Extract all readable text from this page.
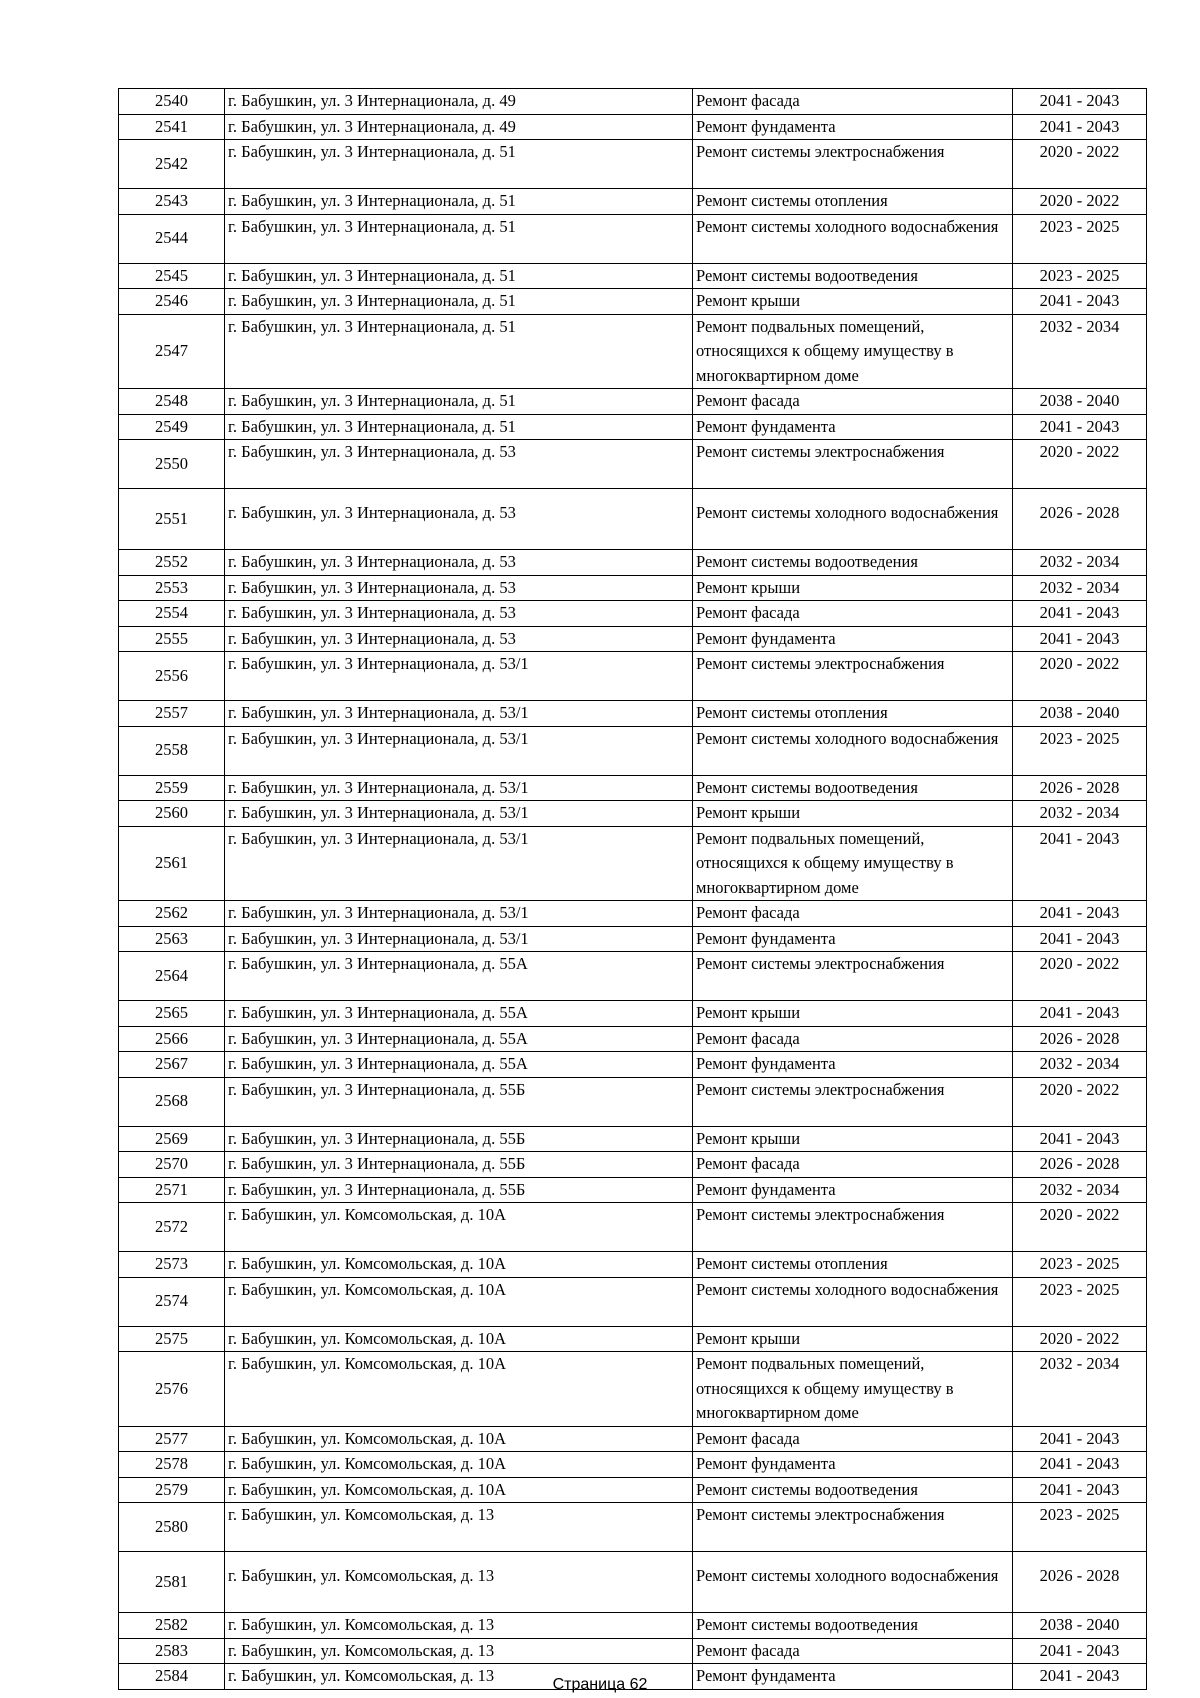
2540	г. Бабушкин, ул. 3 Интернационала, д. 49	Ремонт фасада	2041 - 2043
2541	г. Бабушкин, ул. 3 Интернационала, д. 49	Ремонт фундамента	2041 - 2043
2542	г. Бабушкин, ул. 3 Интернационала, д. 51	Ремонт системы электроснабжения	2020 - 2022
2543	г. Бабушкин, ул. 3 Интернационала, д. 51	Ремонт системы отопления	2020 - 2022
2544	г. Бабушкин, ул. 3 Интернационала, д. 51	Ремонт системы холодного водоснабжения	2023 - 2025
2545	г. Бабушкин, ул. 3 Интернационала, д. 51	Ремонт системы водоотведения	2023 - 2025
2546	г. Бабушкин, ул. 3 Интернационала, д. 51	Ремонт крыши	2041 - 2043
2547	г. Бабушкин, ул. 3 Интернационала, д. 51	Ремонт подвальных помещений, относящихся к общему имуществу в многоквартирном доме	2032 - 2034
2548	г. Бабушкин, ул. 3 Интернационала, д. 51	Ремонт фасада	2038 - 2040
2549	г. Бабушкин, ул. 3 Интернационала, д. 51	Ремонт фундамента	2041 - 2043
2550	г. Бабушкин, ул. 3 Интернационала, д. 53	Ремонт системы электроснабжения	2020 - 2022
2551	г. Бабушкин, ул. 3 Интернационала, д. 53	Ремонт системы холодного водоснабжения	2026 - 2028
2552	г. Бабушкин, ул. 3 Интернационала, д. 53	Ремонт системы водоотведения	2032 - 2034
2553	г. Бабушкин, ул. 3 Интернационала, д. 53	Ремонт крыши	2032 - 2034
2554	г. Бабушкин, ул. 3 Интернационала, д. 53	Ремонт фасада	2041 - 2043
2555	г. Бабушкин, ул. 3 Интернационала, д. 53	Ремонт фундамента	2041 - 2043
2556	г. Бабушкин, ул. 3 Интернационала, д. 53/1	Ремонт системы электроснабжения	2020 - 2022
2557	г. Бабушкин, ул. 3 Интернационала, д. 53/1	Ремонт системы отопления	2038 - 2040
2558	г. Бабушкин, ул. 3 Интернационала, д. 53/1	Ремонт системы холодного водоснабжения	2023 - 2025
2559	г. Бабушкин, ул. 3 Интернационала, д. 53/1	Ремонт системы водоотведения	2026 - 2028
2560	г. Бабушкин, ул. 3 Интернационала, д. 53/1	Ремонт крыши	2032 - 2034
2561	г. Бабушкин, ул. 3 Интернационала, д. 53/1	Ремонт подвальных помещений, относящихся к общему имуществу в многоквартирном доме	2041 - 2043
2562	г. Бабушкин, ул. 3 Интернационала, д. 53/1	Ремонт фасада	2041 - 2043
2563	г. Бабушкин, ул. 3 Интернационала, д. 53/1	Ремонт фундамента	2041 - 2043
2564	г. Бабушкин, ул. 3 Интернационала, д. 55А	Ремонт системы электроснабжения	2020 - 2022
2565	г. Бабушкин, ул. 3 Интернационала, д. 55А	Ремонт крыши	2041 - 2043
2566	г. Бабушкин, ул. 3 Интернационала, д. 55А	Ремонт фасада	2026 - 2028
2567	г. Бабушкин, ул. 3 Интернационала, д. 55А	Ремонт фундамента	2032 - 2034
2568	г. Бабушкин, ул. 3 Интернационала, д. 55Б	Ремонт системы электроснабжения	2020 - 2022
2569	г. Бабушкин, ул. 3 Интернационала, д. 55Б	Ремонт крыши	2041 - 2043
2570	г. Бабушкин, ул. 3 Интернационала, д. 55Б	Ремонт фасада	2026 - 2028
2571	г. Бабушкин, ул. 3 Интернационала, д. 55Б	Ремонт фундамента	2032 - 2034
2572	г. Бабушкин, ул. Комсомольская, д. 10А	Ремонт системы электроснабжения	2020 - 2022
2573	г. Бабушкин, ул. Комсомольская, д. 10А	Ремонт системы отопления	2023 - 2025
2574	г. Бабушкин, ул. Комсомольская, д. 10А	Ремонт системы холодного водоснабжения	2023 - 2025
2575	г. Бабушкин, ул. Комсомольская, д. 10А	Ремонт крыши	2020 - 2022
2576	г. Бабушкин, ул. Комсомольская, д. 10А	Ремонт подвальных помещений, относящихся к общему имуществу в многоквартирном доме	2032 - 2034
2577	г. Бабушкин, ул. Комсомольская, д. 10А	Ремонт фасада	2041 - 2043
2578	г. Бабушкин, ул. Комсомольская, д. 10А	Ремонт фундамента	2041 - 2043
2579	г. Бабушкин, ул. Комсомольская, д. 10А	Ремонт системы водоотведения	2041 - 2043
2580	г. Бабушкин, ул. Комсомольская, д. 13	Ремонт системы электроснабжения	2023 - 2025
2581	г. Бабушкин, ул. Комсомольская, д. 13	Ремонт системы холодного водоснабжения	2026 - 2028
2582	г. Бабушкин, ул. Комсомольская, д. 13	Ремонт системы водоотведения	2038 - 2040
2583	г. Бабушкин, ул. Комсомольская, д. 13	Ремонт фасада	2041 - 2043
2584	г. Бабушкин, ул. Комсомольская, д. 13	Ремонт фундамента	2041 - 2043
Страница 62
